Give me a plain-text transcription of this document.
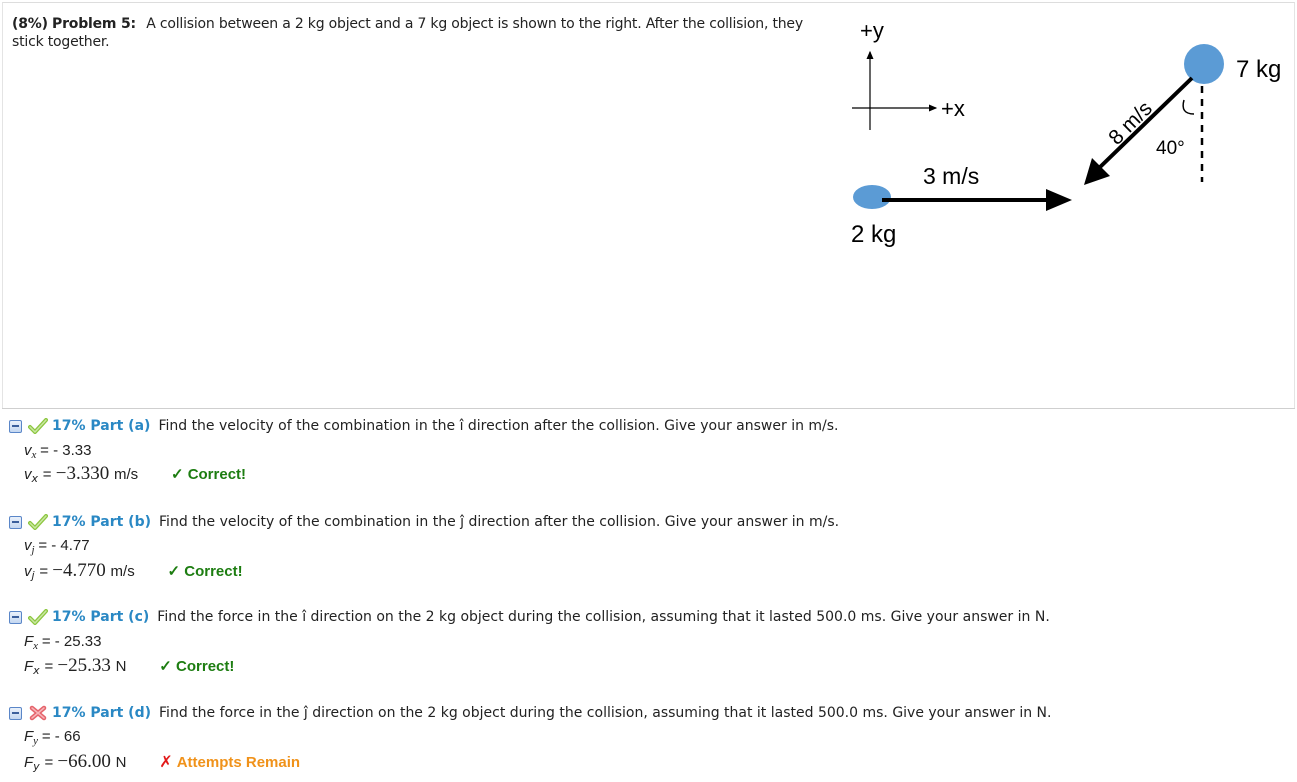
(8%) Problem 5: A collision between a 2 kg object and a 7 kg object is shown to the right. After the collision, they
stick together.	+y
+x
3 m/s
2 kg
40°
8 m/s
7 kg
17% Part (a) Find the velocity of the combination in the î direction after the collision. Give your answer in m/s.
$v_x$ = - 3.33
$v_x = -3.330$ m/s ✓ Correct!
17% Part (b) Find the velocity of the combination in the ĵ direction after the collision. Give your answer in m/s.
$v_j$ = - 4.77
$v_j = -4.770$ m/s ✓ Correct!
17% Part (c) Find the force in the î direction on the 2 kg object during the collision, assuming that it lasted 500.0 ms. Give your answer in N.
$F_x$ = - 25.33
$F_x = -25.33$ N ✓ Correct!
17% Part (d) Find the force in the ĵ direction on the 2 kg object during the collision, assuming that it lasted 500.0 ms. Give your answer in N.
$F_y$ = - 66
$F_y = -66.00$ N ✗ Attempts Remain
